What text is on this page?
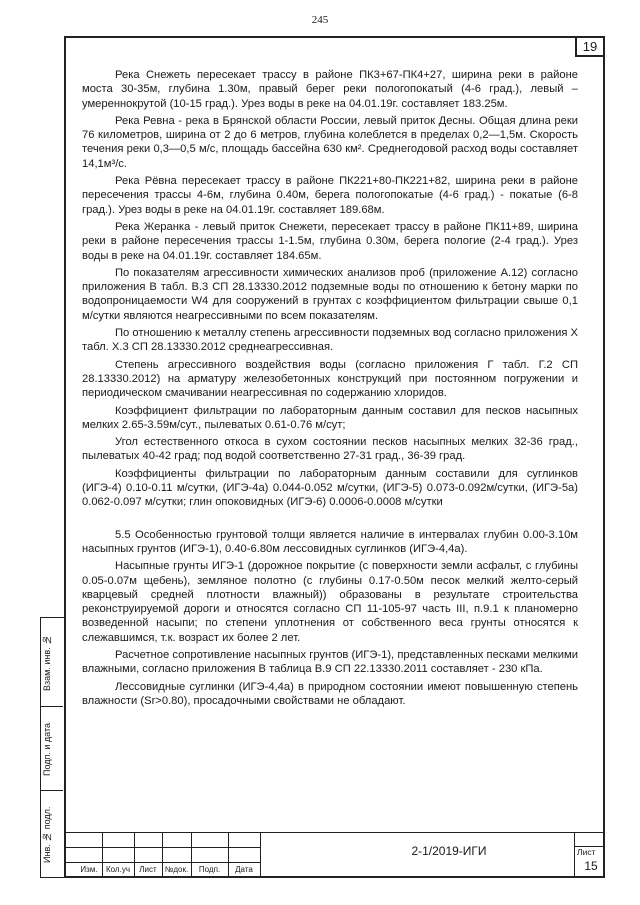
245
19

Река Снежеть пересекает трассу в районе ПК3+67-ПК4+27, ширина реки в районе моста 30-35м, глубина 1.30м, правый берег реки пологопокатый (4-6 град.), левый – умереннокрутой (10-15 град.). Урез воды в реке на 04.01.19г. составляет 183.25м.

Река Ревна - река в Брянской области России, левый приток Десны. Общая длина реки 76 километров, ширина от 2 до 6 метров, глубина колеблется в пределах 0,2—1,5м. Скорость течения реки 0,3—0,5 м/с, площадь бассейна 630 км². Среднегодовой расход воды составляет 14,1м³/с.

Река Рёвна пересекает трассу в районе ПК221+80-ПК221+82, ширина реки в районе пересечения трассы 4-6м, глубина 0.40м, берега пологопокатые (4-6 град.) - покатые (6-8 град.). Урез воды в реке на 04.01.19г. составляет 189.68м.

Река Жеранка - левый приток Снежети, пересекает трассу в районе ПК11+89, ширина реки в районе пересечения трассы 1-1.5м, глубина 0.30м, берега пологие (2-4 град.). Урез воды в реке на 04.01.19г. составляет 184.65м.

По показателям агрессивности химических анализов проб (приложение А.12) согласно приложения В табл. В.3 СП 28.13330.2012 подземные воды по отношению к бетону марки по водопроницаемости W4 для сооружений в грунтах с коэффициентом фильтрации свыше 0,1 м/сутки являются неагрессивными по всем показателям.

По отношению к металлу степень агрессивности подземных вод согласно приложения Х табл. Х.3 СП 28.13330.2012 среднеагрессивная.

Степень агрессивного воздействия воды (согласно приложения Г табл. Г.2 СП 28.13330.2012) на арматуру железобетонных конструкций при постоянном погружении и периодическом смачивании неагрессивная по содержанию хлоридов.

Коэффициент фильтрации по лабораторным данным составил для песков насыпных мелких 2.65-3.59м/сут., пылеватых 0.61-0.76 м/сут;

Угол естественного откоса в сухом состоянии песков насыпных мелких 32-36 град., пылеватых 40-42 град; под водой соответственно 27-31 град., 36-39 град.

Коэффициенты фильтрации по лабораторным данным составили для суглинков (ИГЭ-4) 0.10-0.11 м/сутки, (ИГЭ-4а) 0.044-0.052 м/сутки, (ИГЭ-5) 0.073-0.092м/сутки, (ИГЭ-5а) 0.062-0.097 м/сутки; глин опоковидных (ИГЭ-6) 0.0006-0.0008 м/сутки

5.5 Особенностью грунтовой толщи является наличие в интервалах глубин 0.00-3.10м насыпных грунтов (ИГЭ-1), 0.40-6.80м лессовидных суглинков (ИГЭ-4,4а).

Насыпные грунты ИГЭ-1 (дорожное покрытие (с поверхности земли асфальт, с глубины 0.05-0.07м щебень), земляное полотно (с глубины 0.17-0.50м песок мелкий желто-серый кварцевый средней плотности влажный)) образованы в результате строительства реконструируемой дороги и относятся согласно СП 11-105-97 часть III, п.9.1 к планомерно возведенной насыпи; по степени уплотнения от собственного веса грунты относятся к слежавшимся, т.к. возраст их более 2 лет.

Расчетное сопротивление насыпных грунтов (ИГЭ-1), представленных песками мелкими влажными, согласно приложения В таблица В.9 СП 22.13330.2011 составляет - 230 кПа.

Лессовидные суглинки (ИГЭ-4,4а) в природном состоянии имеют повышенную степень влажности (Sr>0.80), просадочными свойствами не обладают.

Взам. инв. №
Подп. и дата
Инв. № подл.
Изм.	Кол.уч	Лист	№док.	Подп.	Дата
2-1/2019-ИГИ	Лист
15
